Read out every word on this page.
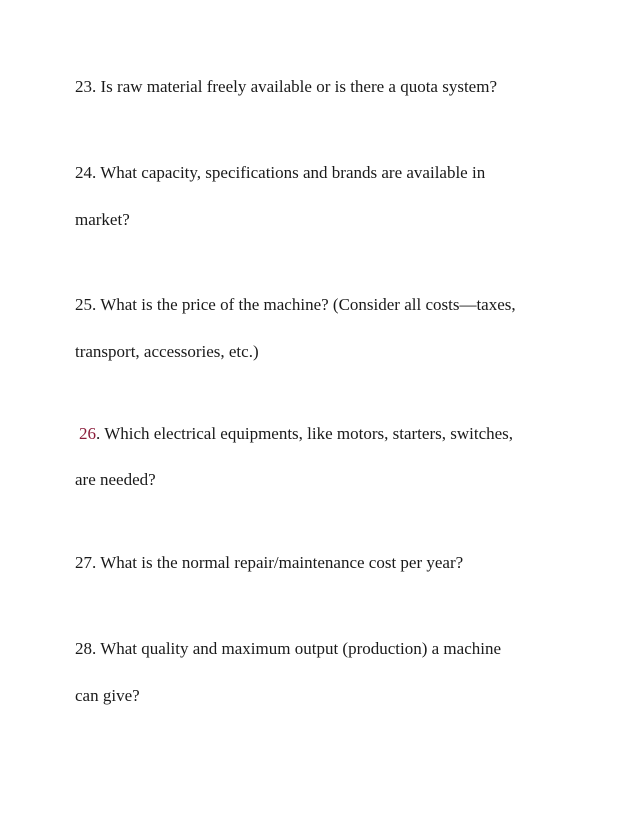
23. Is raw material freely available or is there a quota system?
24. What capacity, specifications and brands are available in
market?
25. What is the price of the machine? (Consider all costs—taxes,
transport, accessories, etc.)
26. Which electrical equipments, like motors, starters, switches,
are needed?
27. What is the normal repair/maintenance cost per year?
28. What quality and maximum output (production) a machine
can give?
